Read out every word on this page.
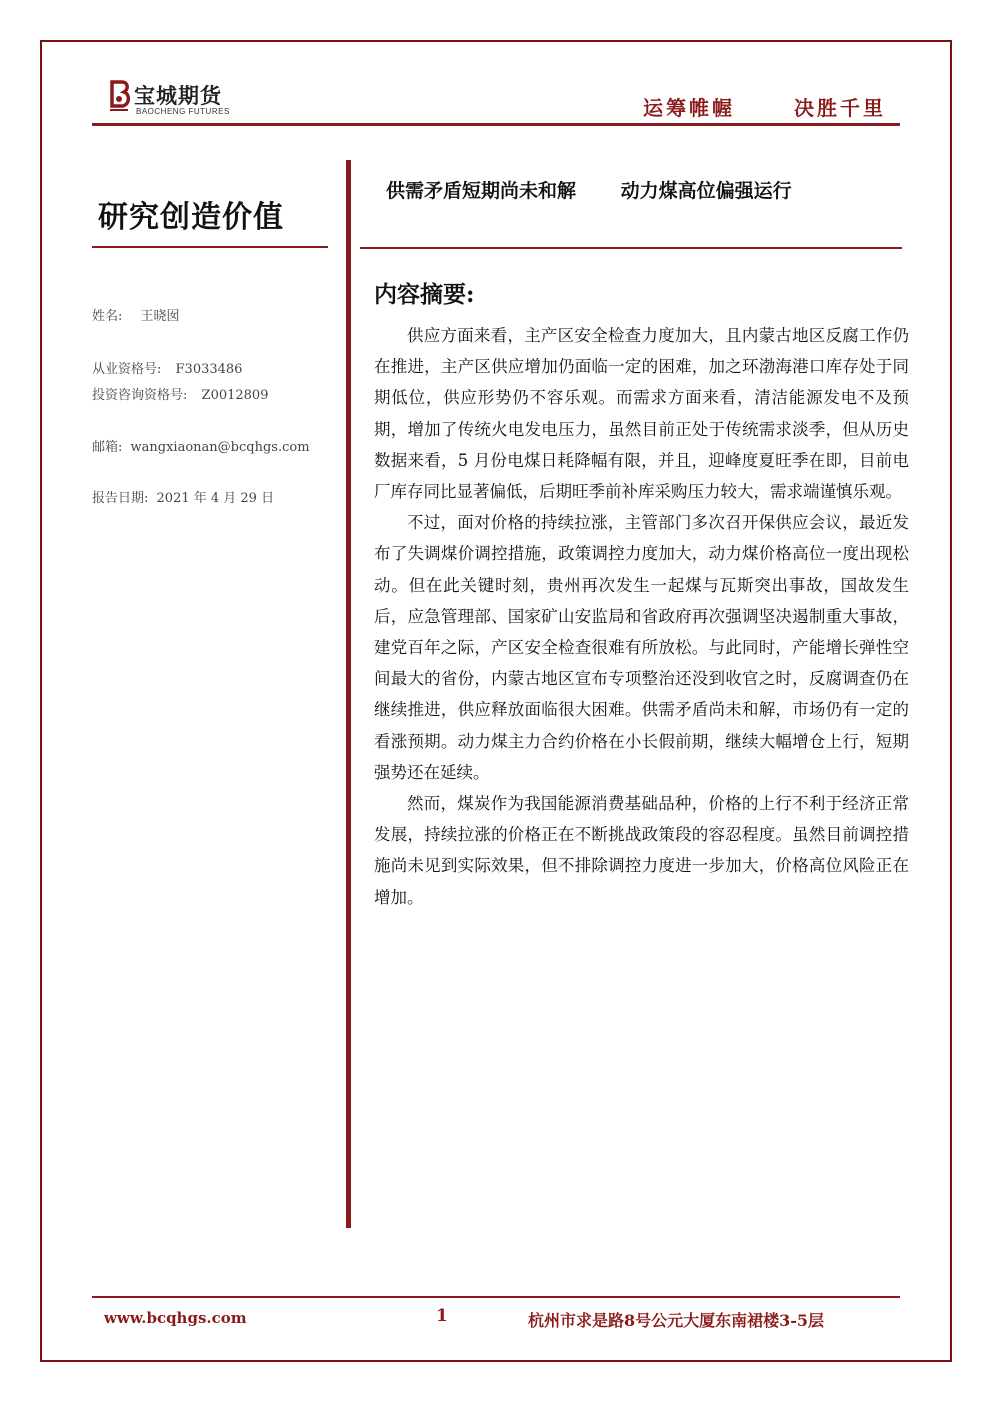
宝城期货
BAOCHENG FUTURES	运筹帷幄	决胜千里
研究创造价值
姓名: 王晓囡
从业资格号: F3033486
投资咨询资格号: Z0012809
邮箱: wangxiaonan@bcqhgs.com
报告日期: 2021 年 4 月 29 日
供需矛盾短期尚未和解 动力煤高位偏强运行
内容摘要:

供应方面来看，主产区安全检查力度加大，且内蒙古地区反腐工作仍在推进，主产区供应增加仍面临一定的困难，加之环渤海港口库存处于同期低位，供应形势仍不容乐观。而需求方面来看，清洁能源发电不及预期，增加了传统火电发电压力，虽然目前正处于传统需求淡季，但从历史数据来看，5 月份电煤日耗降幅有限，并且，迎峰度夏旺季在即，目前电厂库存同比显著偏低，后期旺季前补库采购压力较大，需求端谨慎乐观。

不过，面对价格的持续拉涨，主管部门多次召开保供应会议，最近发布了失调煤价调控措施，政策调控力度加大，动力煤价格高位一度出现松动。但在此关键时刻，贵州再次发生一起煤与瓦斯突出事故，国故发生后，应急管理部、国家矿山安监局和省政府再次强调坚决遏制重大事故，建党百年之际，产区安全检查很难有所放松。与此同时，产能增长弹性空间最大的省份，内蒙古地区宣布专项整治还没到收官之时，反腐调查仍在继续推进，供应释放面临很大困难。供需矛盾尚未和解，市场仍有一定的看涨预期。动力煤主力合约价格在小长假前期，继续大幅增仓上行，短期强势还在延续。

然而，煤炭作为我国能源消费基础品种，价格的上行不利于经济正常发展，持续拉涨的价格正在不断挑战政策段的容忍程度。虽然目前调控措施尚未见到实际效果，但不排除调控力度进一步加大，价格高位风险正在增加。

www.bcqhgs.com	1	杭州市求是路8号公元大厦东南裙楼3-5层
